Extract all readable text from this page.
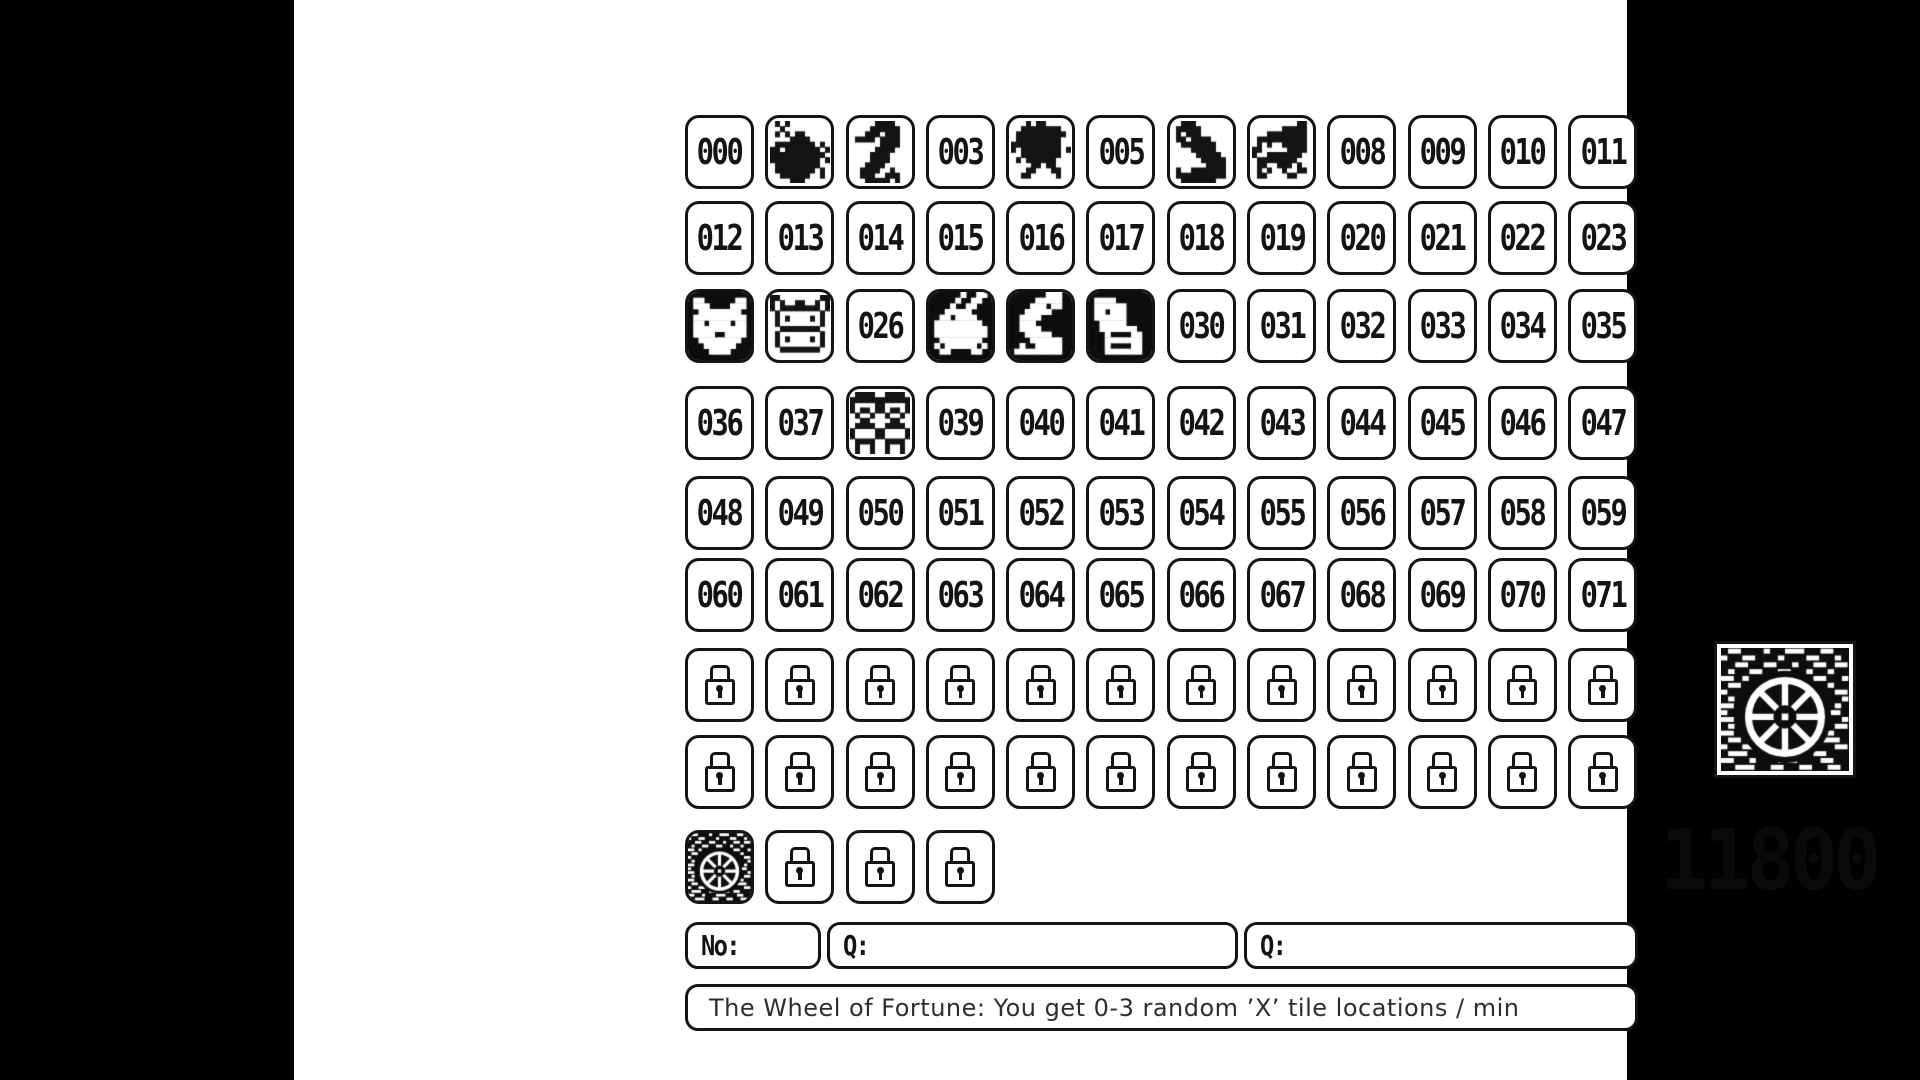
000	003	005	008 009 010 011
012 013 014 015 016 017 018 019 020 021 022 023
026	030 031 032 033 034 035
036 037	039 040 041 042 043 044 045 046 047
048 049 050 051 052 053 054 055 056 057 058 059
060 061 062 063 064 065 066 067 068 069 070 071
No:	Q:	Q:
The Wheel of Fortune: You get 0-3 random ’X’ tile locations / min
11800
